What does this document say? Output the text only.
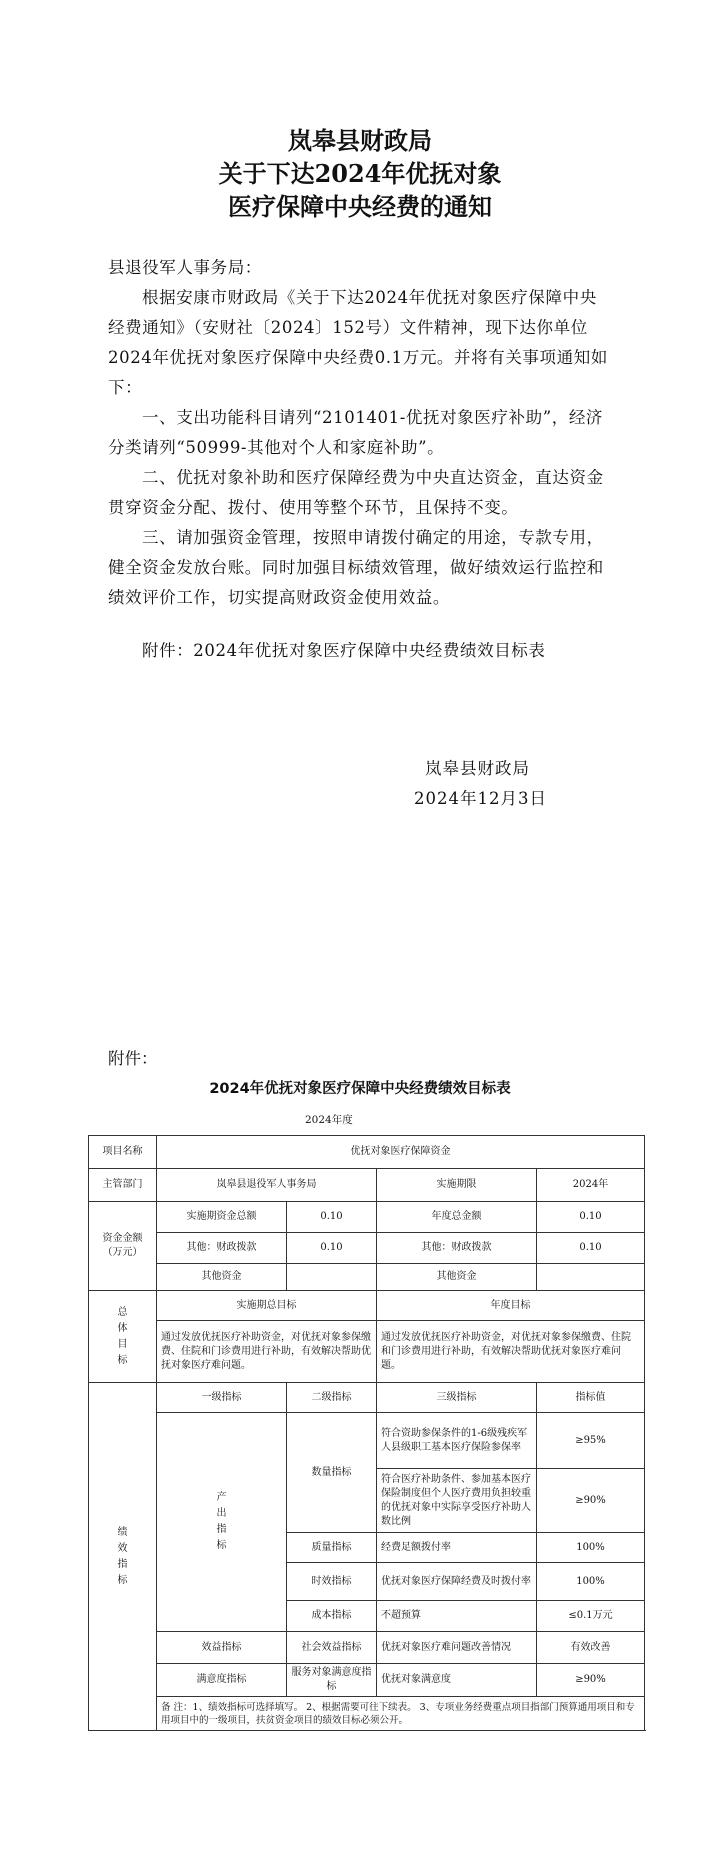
岚皋县财政局
关于下达2024年优抚对象
医疗保障中央经费的通知

县退役军人事务局：

根据安康市财政局《关于下达2024年优抚对象医疗保障中央经费通知》（安财社〔2024〕152号）文件精神，现下达你单位2024年优抚对象医疗保障中央经费0.1万元。并将有关事项通知如下：

一、支出功能科目请列“2101401-优抚对象医疗补助”，经济分类请列“50999-其他对个人和家庭补助”。

二、优抚对象补助和医疗保障经费为中央直达资金，直达资金贯穿资金分配、拨付、使用等整个环节，且保持不变。

三、请加强资金管理，按照申请拨付确定的用途，专款专用，健全资金发放台账。同时加强目标绩效管理，做好绩效运行监控和绩效评价工作，切实提高财政资金使用效益。

附件：2024年优抚对象医疗保障中央经费绩效目标表
岚皋县财政局
2024年12月3日
附件：
2024年优抚对象医疗保障中央经费绩效目标表
2024年度
项目名称	优抚对象医疗保障资金			
主管部门	岚皋县退役军人事务局		实施期限	2024年
资金金额（万元）	实施期资金总额	0.10	年度总金额	0.10
	其他：财政拨款	0.10	其他：财政拨款	0.10
	其他资金		其他资金	
总体目标	实施期总目标		年度目标	
	通过发放优抚医疗补助资金，对优抚对象参保缴费、住院和门诊费用进行补助，有效解决帮助优抚对象医疗难问题。		通过发放优抚医疗补助资金，对优抚对象参保缴费、住院和门诊费用进行补助，有效解决帮助优抚对象医疗难问题。	
绩效指标	一级指标	二级指标	三级指标	指标值
	产出指标	数量指标	符合资助参保条件的1-6级残疾军人县级职工基本医疗保险参保率	≥95%
			符合医疗补助条件、参加基本医疗保险制度但个人医疗费用负担较重的优抚对象中实际享受医疗补助人数比例	≥90%
		质量指标	经费足额拨付率	100%
		时效指标	优抚对象医疗保障经费及时拨付率	100%
		成本指标	不超预算	≤0.1万元
	效益指标	社会效益指标	优抚对象医疗难问题改善情况	有效改善
	满意度指标	服务对象满意度指标	优抚对象满意度	≥90%
	备 注：1、绩效指标可选择填写。 2、根据需要可往下续表。 3、专项业务经费重点项目指部门预算通用项目和专用项目中的一级项目，扶贫资金项目的绩效目标必须公开。			
